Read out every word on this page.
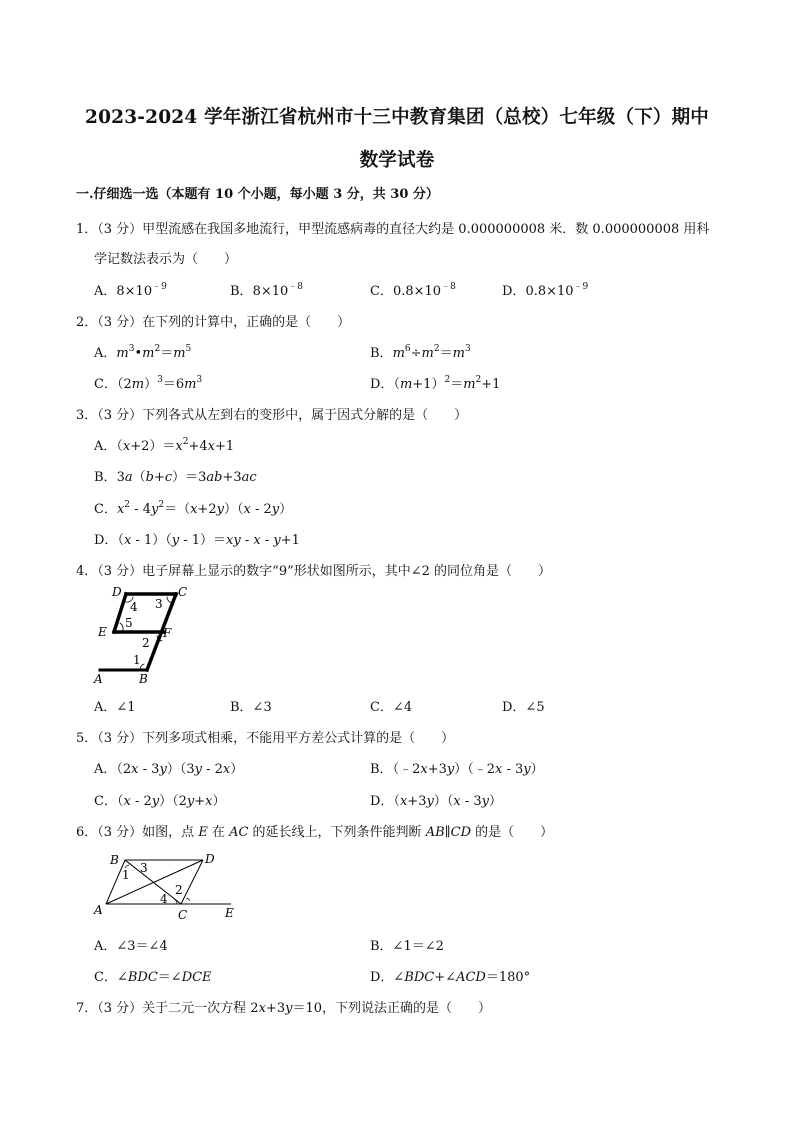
2023-2024 学年浙江省杭州市十三中教育集团（总校）七年级（下）期中
数学试卷
一.仔细选一选（本题有 10 个小题，每小题 3 分，共 30 分）
1．（3 分）甲型流感在我国多地流行，甲型流感病毒的直径大约是 0.000000008 米．数 0.000000008 用科
学记数法表示为（　　）
A．$8\times 10^{﹣9}$	B．$8\times 10^{﹣8}$	C．$0.8\times 10^{﹣8}$	D．$0.8\times 10^{﹣9}$
2．（3 分）在下列的计算中，正确的是（　　）
A．$m^3•m^2=m^5$	B．$m^6\div m^2=m^3$
C．$(2m)^3=6m^3$	D．$(m+1)^2=m^2+1$
3．（3 分）下列各式从左到右的变形中，属于因式分解的是（　　）
A．$(x+2)=x^2+4x+1$
B．3a（b+c）＝3ab+3ac
C．$x^2 - 4y^2=(x+2y)(x - 2y)$
D．（x - 1）（y - 1）＝xy - x - y+1
4．（3 分）电子屏幕上显示的数字“9”形状如图所示，其中∠2 的同位角是（　　）
D	C
E	F
A	B
4 3
5
2
1
A．∠1	B．∠3	C．∠4	D．∠5
5．（3 分）下列多项式相乘，不能用平方差公式计算的是（　　）
A．（2x - 3y）（3y - 2x）	B．（﹣2x+3y）（﹣2x - 3y）
C．（x - 2y）（2y+x）	D．（x+3y）（x - 3y）
6．（3 分）如图，点 E 在 AC 的延长线上，下列条件能判断 AB∥CD 的是（　　）
B	D
A	C	E
1 3
2
4
A．∠3＝∠4	B．∠1＝∠2
C．∠BDC＝∠DCE	D．∠BDC+∠ACD＝180°
7．（3 分）关于二元一次方程 2x+3y＝10，下列说法正确的是（　　）
